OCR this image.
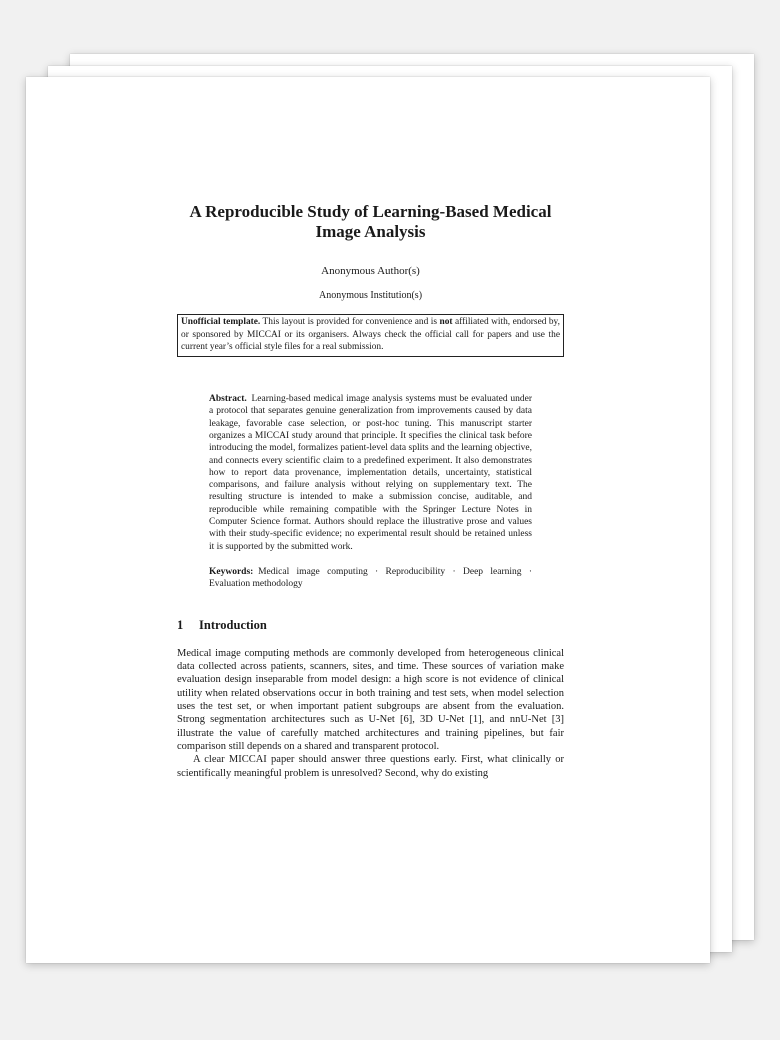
A Reproducible Study of Learning-Based Medical Image Analysis
Anonymous Author(s)
Anonymous Institution(s)
Unofficial template. This layout is provided for convenience and is not affiliated with, endorsed by, or sponsored by MICCAI or its organisers. Always check the official call for papers and use the current year’s official style files for a real submission.
Abstract.  Learning-based medical image analysis systems must be evaluated under a protocol that separates genuine generalization from improvements caused by data leakage, favorable case selection, or post-hoc tuning. This manuscript starter organizes a MICCAI study around that principle. It specifies the clinical task before introducing the model, formalizes patient-level data splits and the learning objective, and connects every scientific claim to a predefined experiment. It also demonstrates how to report data provenance, implementation details, uncertainty, statistical comparisons, and failure analysis without relying on supplementary text. The resulting structure is intended to make a submission concise, auditable, and reproducible while remaining compatible with the Springer Lecture Notes in Computer Science format. Authors should replace the illustrative prose and values with their study-specific evidence; no experimental result should be retained unless it is supported by the submitted work.
Keywords:  Medical image computing · Reproducibility · Deep learning · Evaluation methodology
1	Introduction

Medical image computing methods are commonly developed from heterogeneous clinical data collected across patients, scanners, sites, and time. These sources of variation make evaluation design inseparable from model design: a high score is not evidence of clinical utility when related observations occur in both training and test sets, when model selection uses the test set, or when important patient subgroups are absent from the evaluation. Strong segmentation architectures such as U-Net [6], 3D U-Net [1], and nnU-Net [3] illustrate the value of carefully matched architectures and training pipelines, but fair comparison still depends on a shared and transparent protocol.

A clear MICCAI paper should answer three questions early. First, what clinically or scientifically meaningful problem is unresolved? Second, why do existing
